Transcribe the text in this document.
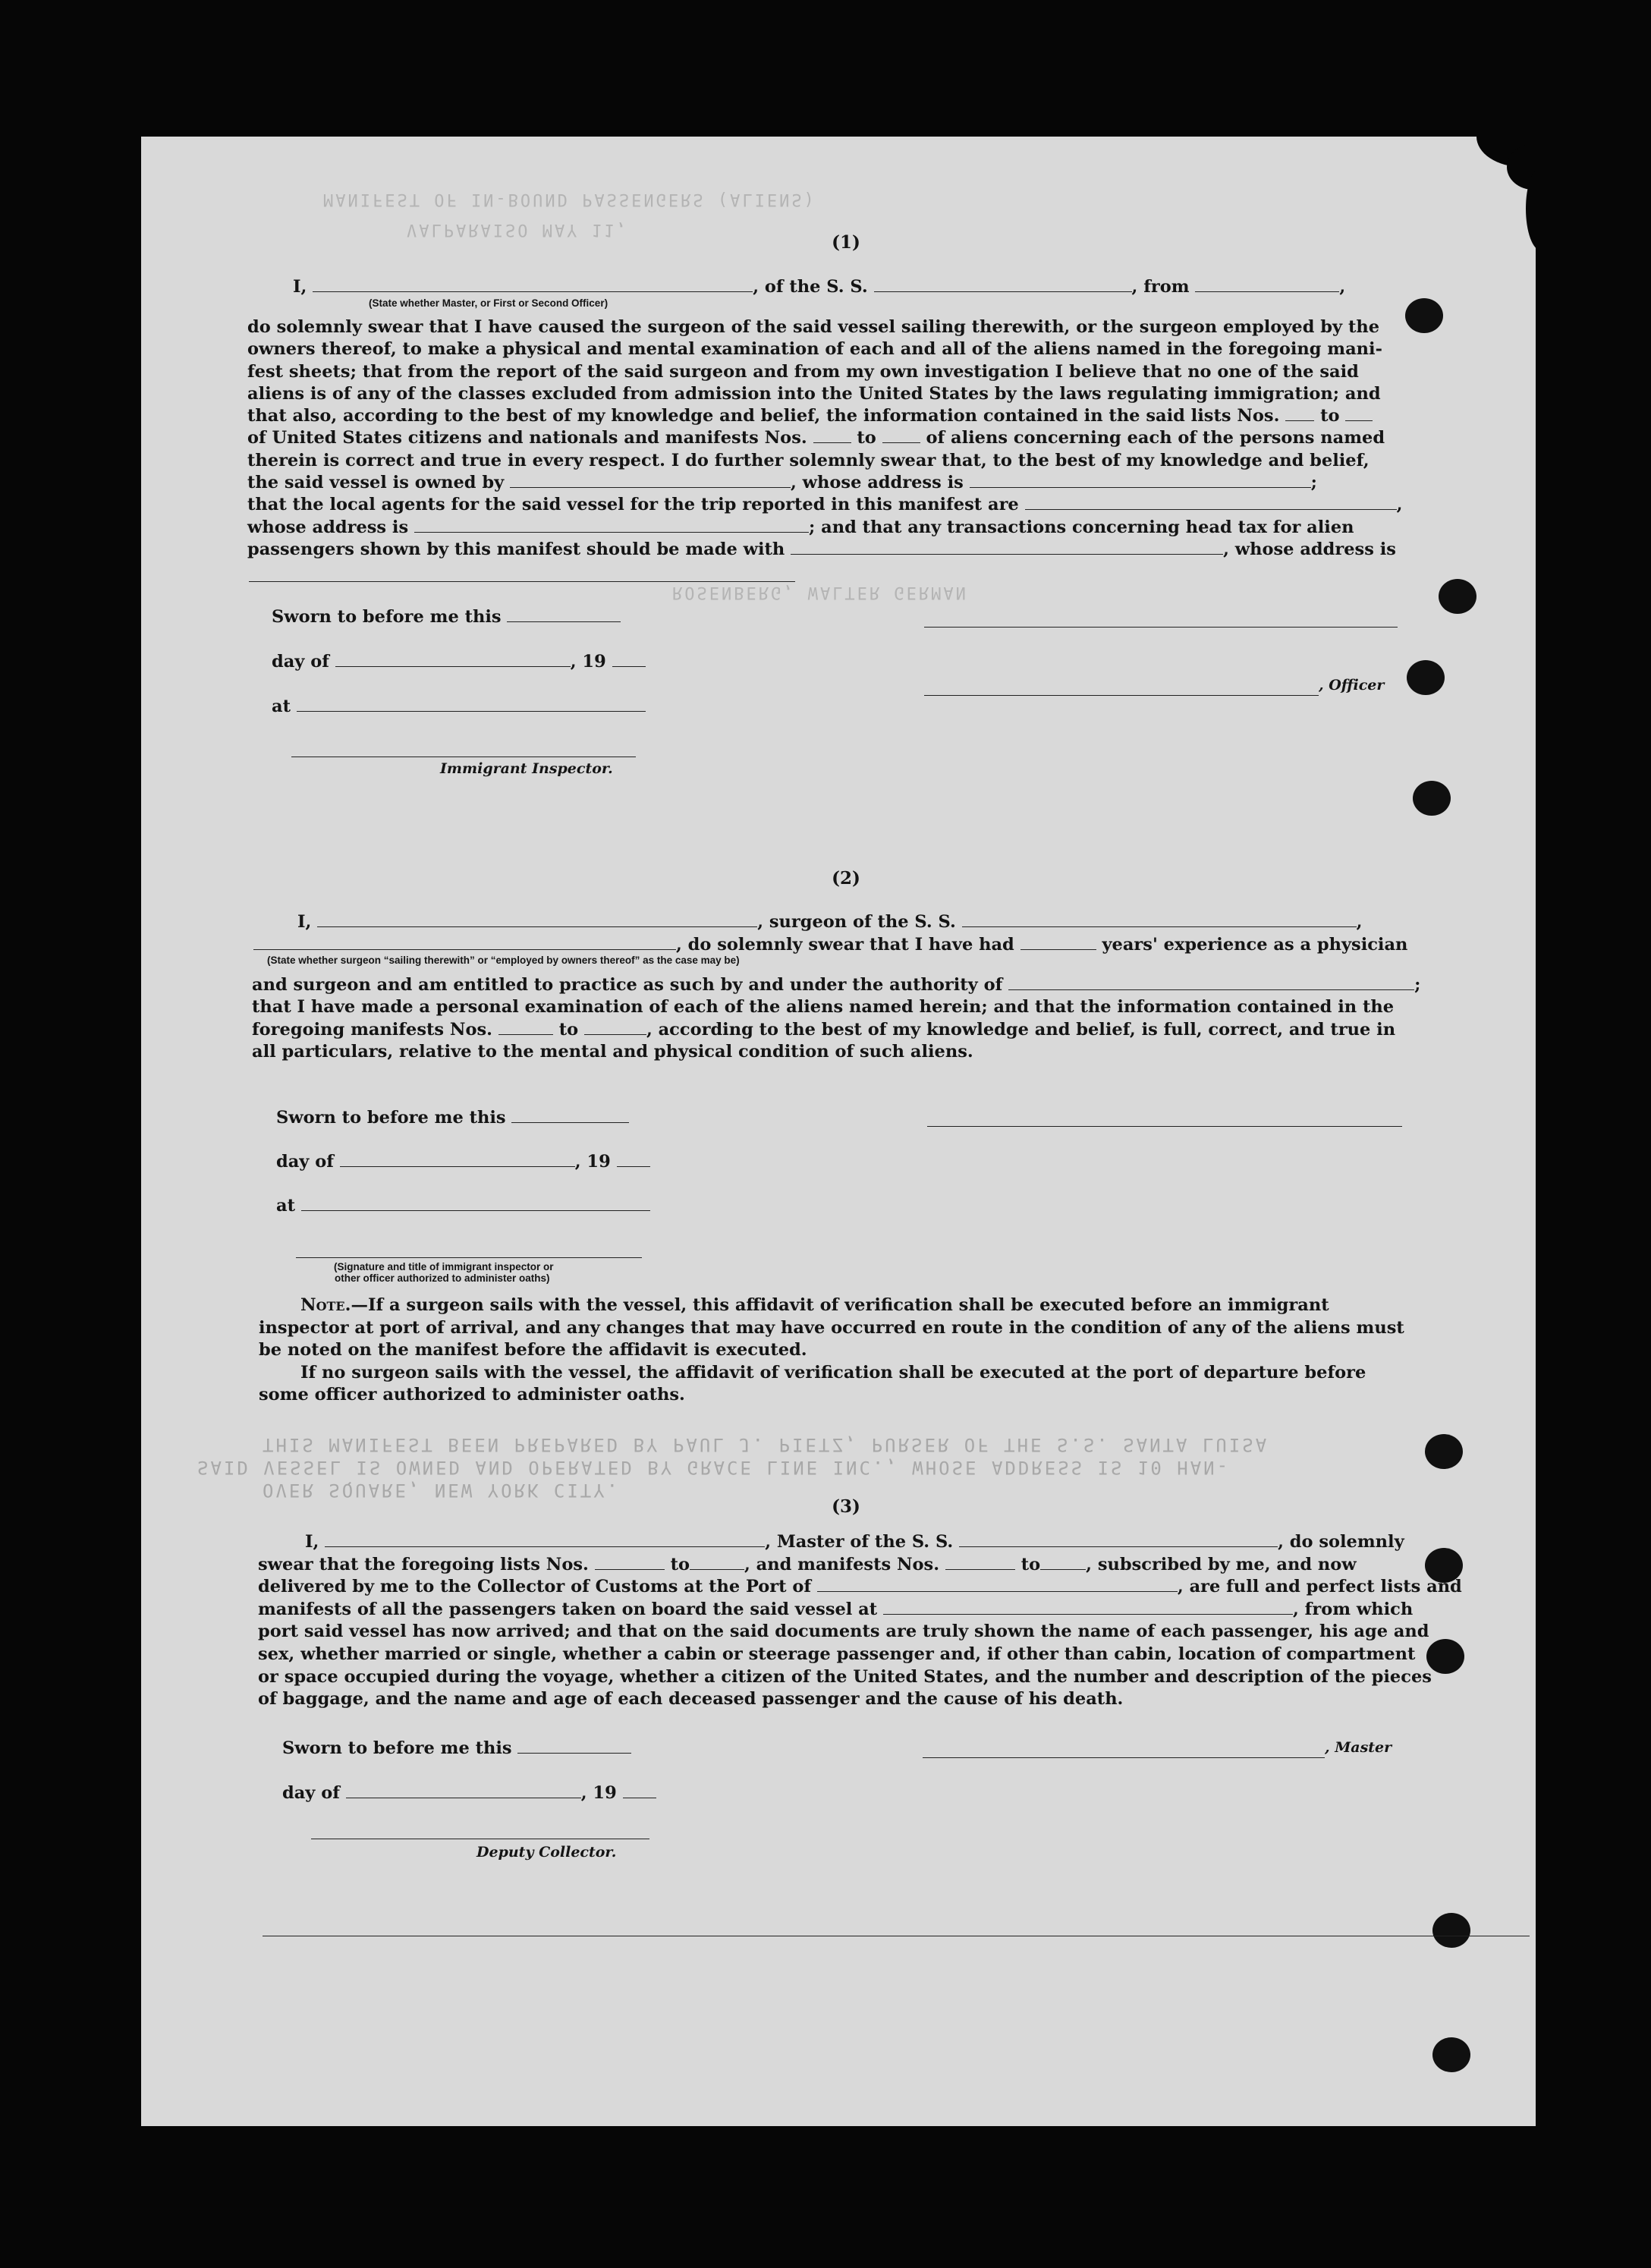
MANIFEST OF IN-BOUND PASSENGERS (ALIENS)
VALPARAISO MAY 11,
ROSENBERG, WALTER GERMAN
THIS MANIFEST BEEN PREPARED BY PAUL J. PIETZ, PURSER OF THE S.S. SANTA LUISA
SAID VESSEL IS OWNED AND OPERATED BY GRACE LINE INC., WHOSE ADDRESS IS 10 HAN-
OVER SQUARE, NEW YORK CITY.
(1)
I,	, of the S. S.	, from	,
(State whether Master, or First or Second Officer)
do solemnly swear that I have caused the surgeon of the said vessel sailing therewith, or the surgeon employed by the
owners thereof, to make a physical and mental examination of each and all of the aliens named in the foregoing mani-
fest sheets; that from the report of the said surgeon and from my own investigation I believe that no one of the said
aliens is of any of the classes excluded from admission into the United States by the laws regulating immigration; and
that also, according to the best of my knowledge and belief, the information contained in the said lists Nos. to
of United States citizens and nationals and manifests Nos.	to	of aliens concerning each of the persons named
therein is correct and true in every respect. I do further solemnly swear that, to the best of my knowledge and belief,
the said vessel is owned by	, whose address is	;
that the local agents for the said vessel for the trip reported in this manifest are	,
whose address is	; and that any transactions concerning head tax for alien
passengers shown by this manifest should be made with	, whose address is
Sworn to before me this
day of	, 19
at
Immigrant Inspector.
, Officer
(2)
I,	, surgeon of the S. S.	,
, do solemnly swear that I have had	years' experience as a physician
(State whether surgeon “sailing therewith” or “employed by owners thereof” as the case may be)
and surgeon and am entitled to practice as such by and under the authority of	;
that I have made a personal examination of each of the aliens named herein; and that the information contained in the
foregoing manifests Nos.	to	, according to the best of my knowledge and belief, is full, correct, and true in
all particulars, relative to the mental and physical condition of such aliens.
Sworn to before me this
day of	, 19
at
(Signature and title of immigrant inspector or
other officer authorized to administer oaths)
Note.—If a surgeon sails with the vessel, this affidavit of verification shall be executed before an immigrant
inspector at port of arrival, and any changes that may have occurred en route in the condition of any of the aliens must
be noted on the manifest before the affidavit is executed.
If no surgeon sails with the vessel, the affidavit of verification shall be executed at the port of departure before
some officer authorized to administer oaths.
(3)
I,	, Master of the S. S.	, do solemnly
swear that the foregoing lists Nos.	to	, and manifests Nos.	to	, subscribed by me, and now
delivered by me to the Collector of Customs at the Port of	, are full and perfect lists and
manifests of all the passengers taken on board the said vessel at	, from which
port said vessel has now arrived; and that on the said documents are truly shown the name of each passenger, his age and
sex, whether married or single, whether a cabin or steerage passenger and, if other than cabin, location of compartment
or space occupied during the voyage, whether a citizen of the United States, and the number and description of the pieces
of baggage, and the name and age of each deceased passenger and the cause of his death.
Sworn to before me this
day of	, 19
Deputy Collector.
, Master
